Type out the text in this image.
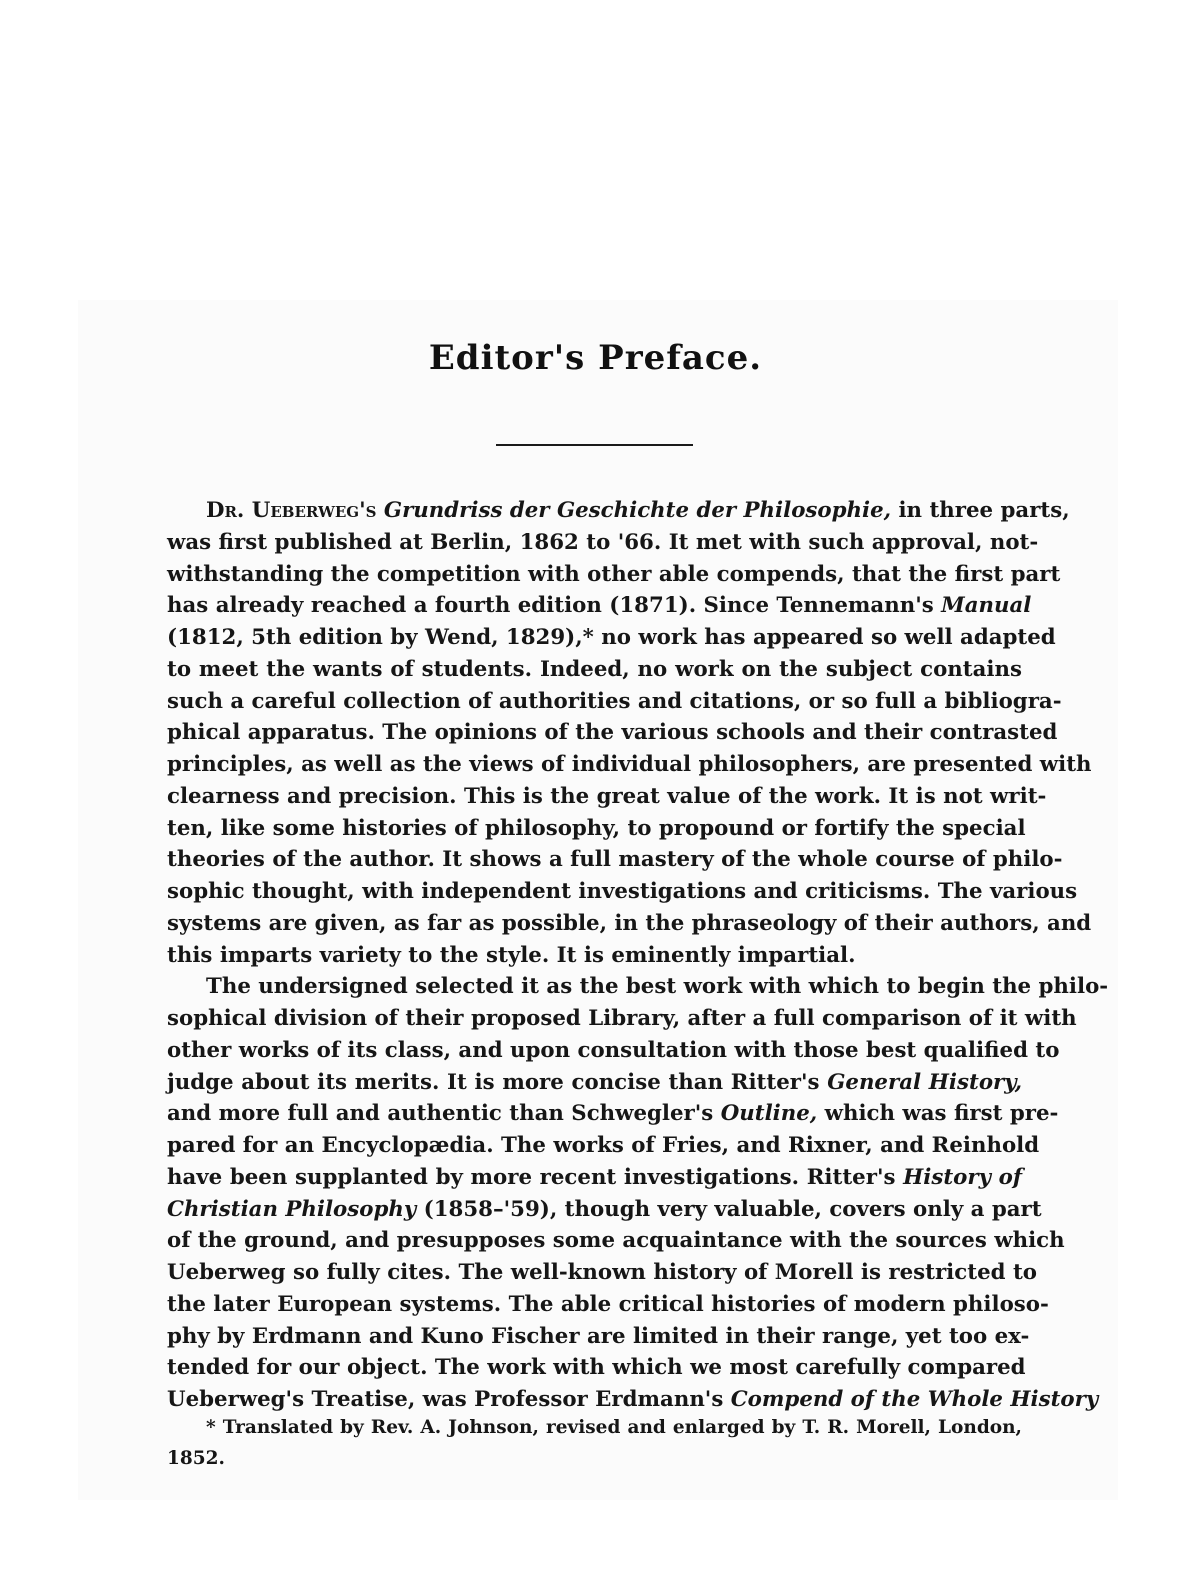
Editor's Preface.
Dr. Ueberweg's Grundriss der Geschichte der Philosophie, in three parts,
was first published at Berlin, 1862 to '66. It met with such approval, not-
withstanding the competition with other able compends, that the first part
has already reached a fourth edition (1871). Since Tennemann's Manual
(1812, 5th edition by Wend, 1829),* no work has appeared so well adapted
to meet the wants of students. Indeed, no work on the subject contains
such a careful collection of authorities and citations, or so full a bibliogra-
phical apparatus. The opinions of the various schools and their contrasted
principles, as well as the views of individual philosophers, are presented with
clearness and precision. This is the great value of the work. It is not writ-
ten, like some histories of philosophy, to propound or fortify the special
theories of the author. It shows a full mastery of the whole course of philo-
sophic thought, with independent investigations and criticisms. The various
systems are given, as far as possible, in the phraseology of their authors, and
this imparts variety to the style. It is eminently impartial.
The undersigned selected it as the best work with which to begin the philo-
sophical division of their proposed Library, after a full comparison of it with
other works of its class, and upon consultation with those best qualified to
judge about its merits. It is more concise than Ritter's General History,
and more full and authentic than Schwegler's Outline, which was first pre-
pared for an Encyclopædia. The works of Fries, and Rixner, and Reinhold
have been supplanted by more recent investigations. Ritter's History of
Christian Philosophy (1858–'59), though very valuable, covers only a part
of the ground, and presupposes some acquaintance with the sources which
Ueberweg so fully cites. The well-known history of Morell is restricted to
the later European systems. The able critical histories of modern philoso-
phy by Erdmann and Kuno Fischer are limited in their range, yet too ex-
tended for our object. The work with which we most carefully compared
Ueberweg's Treatise, was Professor Erdmann's Compend of the Whole History
* Translated by Rev. A. Johnson, revised and enlarged by T. R. Morell, London,
1852.
